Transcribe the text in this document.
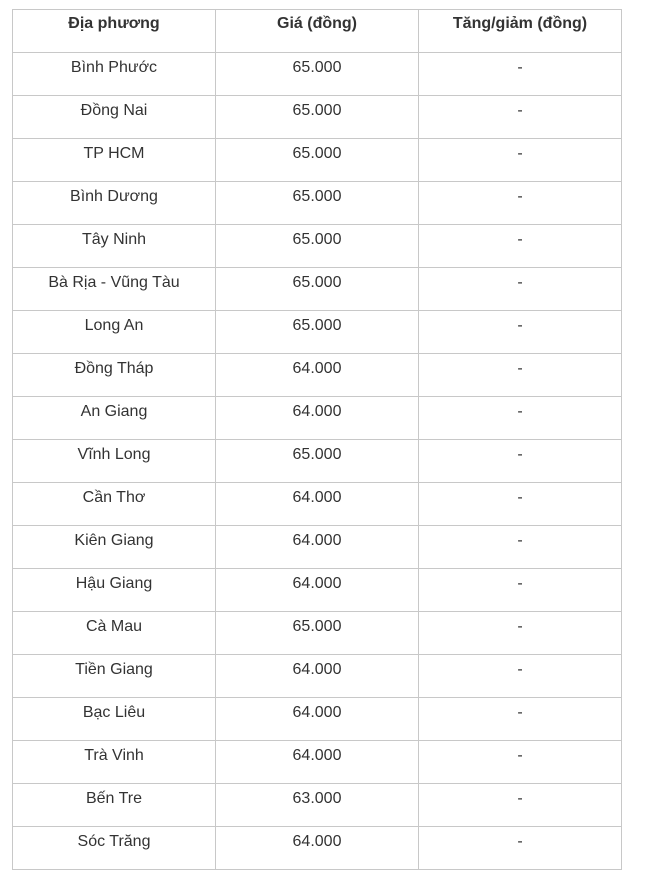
Địa phương	Giá (đồng)	Tăng/giảm (đồng)
Bình Phước	65.000	-
Đồng Nai	65.000	-
TP HCM	65.000	-
Bình Dương	65.000	-
Tây Ninh	65.000	-
Bà Rịa - Vũng Tàu	65.000	-
Long An	65.000	-
Đồng Tháp	64.000	-
An Giang	64.000	-
Vĩnh Long	65.000	-
Cần Thơ	64.000	-
Kiên Giang	64.000	-
Hậu Giang	64.000	-
Cà Mau	65.000	-
Tiền Giang	64.000	-
Bạc Liêu	64.000	-
Trà Vinh	64.000	-
Bến Tre	63.000	-
Sóc Trăng	64.000	-
